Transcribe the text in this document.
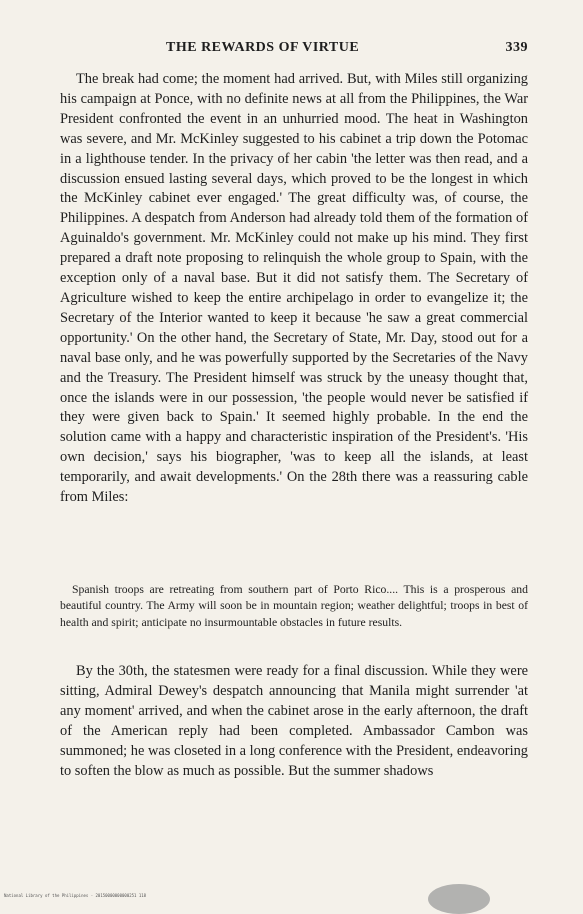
THE REWARDS OF VIRTUE	339

The break had come; the moment had arrived. But, with Miles still organizing his campaign at Ponce, with no definite news at all from the Philippines, the War President confronted the event in an unhurried mood. The heat in Washington was severe, and Mr. McKinley suggested to his cabinet a trip down the Potomac in a lighthouse tender. In the privacy of her cabin 'the letter was then read, and a discussion ensued lasting several days, which proved to be the longest in which the McKinley cabinet ever engaged.' The great difficulty was, of course, the Philippines. A despatch from Anderson had already told them of the formation of Aguinaldo's government. Mr. McKinley could not make up his mind. They first prepared a draft note proposing to relinquish the whole group to Spain, with the exception only of a naval base. But it did not satisfy them. The Secretary of Agriculture wished to keep the entire archipelago in order to evangelize it; the Secretary of the Interior wanted to keep it because 'he saw a great commercial opportunity.' On the other hand, the Secretary of State, Mr. Day, stood out for a naval base only, and he was powerfully supported by the Secretaries of the Navy and the Treasury. The President himself was struck by the uneasy thought that, once the islands were in our possession, 'the people would never be satisfied if they were given back to Spain.' It seemed highly probable. In the end the solution came with a happy and characteristic inspiration of the President's. 'His own decision,' says his biographer, 'was to keep all the islands, at least temporarily, and await developments.' On the 28th there was a reassuring cable from Miles:

Spanish troops are retreating from southern part of Porto Rico.... This is a prosperous and beautiful country. The Army will soon be in mountain region; weather delightful; troops in best of health and spirit; anticipate no insurmountable obstacles in future results.

By the 30th, the statesmen were ready for a final discussion. While they were sitting, Admiral Dewey's despatch announcing that Manila might surrender 'at any moment' arrived, and when the cabinet arose in the early afternoon, the draft of the American reply had been completed. Ambassador Cambon was summoned; he was closeted in a long conference with the President, endeavoring to soften the blow as much as possible. But the summer shadows

National Library of the Philippines · 20150000000000251 118
